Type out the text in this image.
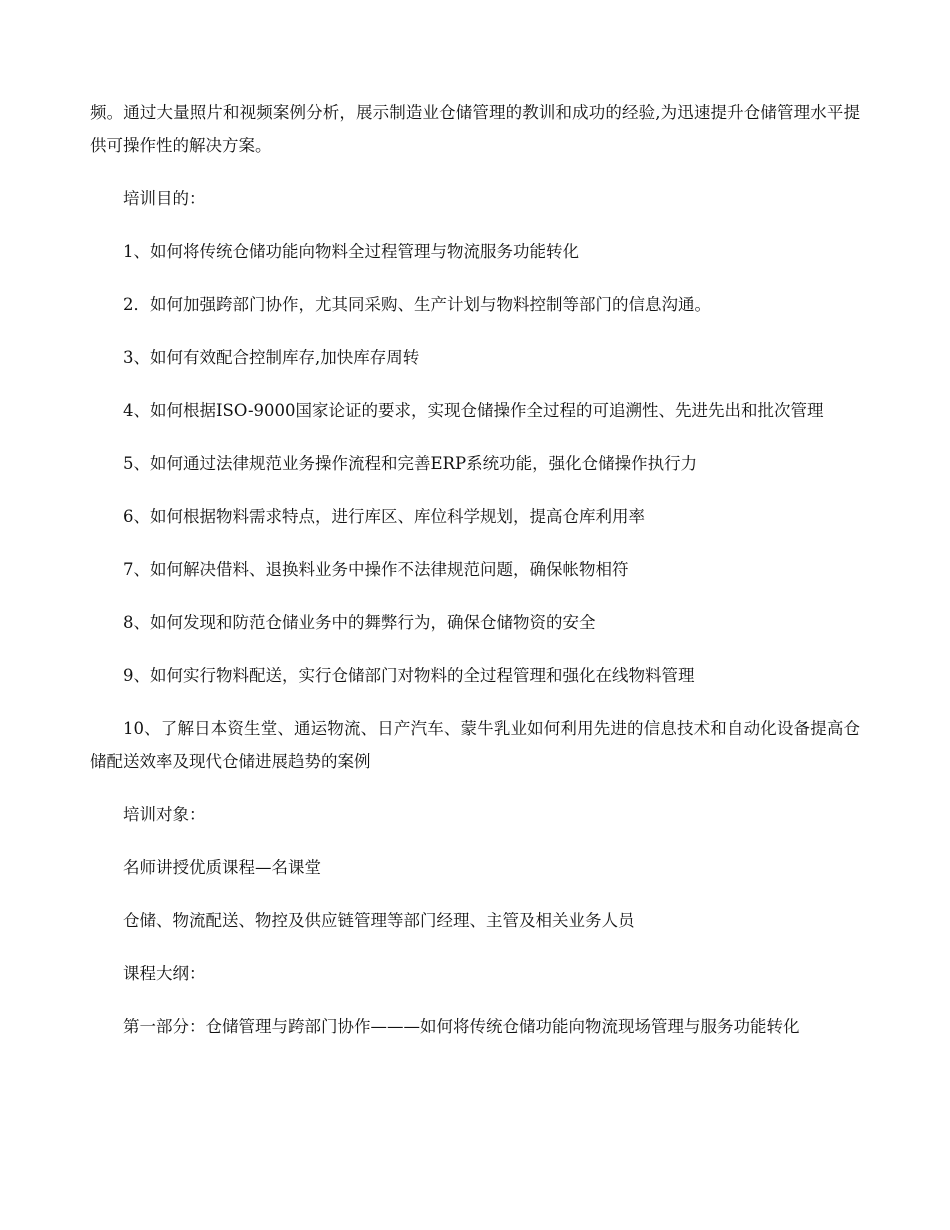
频。通过大量照片和视频案例分析，展示制造业仓储管理的教训和成功的经验,为迅速提升仓储管理水平提供可操作性的解决方案。

培训目的：

1、如何将传统仓储功能向物料全过程管理与物流服务功能转化

2．如何加强跨部门协作，尤其同采购、生产计划与物料控制等部门的信息沟通。

3、如何有效配合控制库存,加快库存周转

4、如何根据ISO-9000国家论证的要求，实现仓储操作全过程的可追溯性、先进先出和批次管理

5、如何通过法律规范业务操作流程和完善ERP系统功能，强化仓储操作执行力

6、如何根据物料需求特点，进行库区、库位科学规划，提高仓库利用率

7、如何解决借料、退换料业务中操作不法律规范问题，确保帐物相符

8、如何发现和防范仓储业务中的舞弊行为，确保仓储物资的安全

9、如何实行物料配送，实行仓储部门对物料的全过程管理和强化在线物料管理

10、了解日本资生堂、通运物流、日产汽车、蒙牛乳业如何利用先进的信息技术和自动化设备提高仓储配送效率及现代仓储进展趋势的案例

培训对象：

名师讲授优质课程—名课堂

仓储、物流配送、物控及供应链管理等部门经理、主管及相关业务人员

课程大纲：

第一部分：仓储管理与跨部门协作———如何将传统仓储功能向物流现场管理与服务功能转化
